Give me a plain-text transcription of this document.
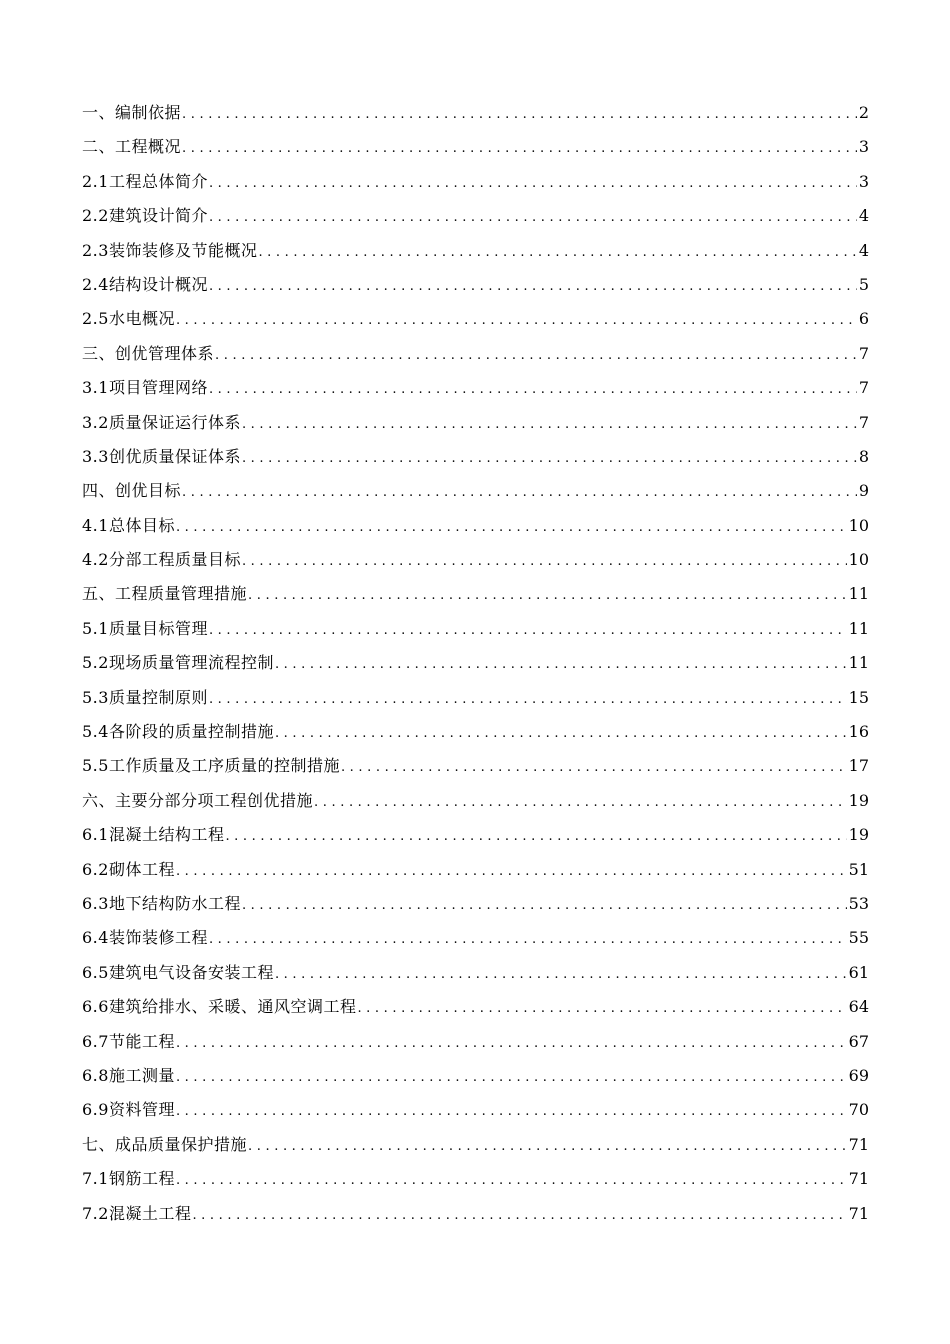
一、编制依据 .....	2
二、工程概况 .....	3
2.1工程总体简介 .....	3
2.2建筑设计简介 .....	4
2.3装饰装修及节能概况 .....	4
2.4结构设计概况 .....	5
2.5水电概况 .....	6
三、创优管理体系 .....	7
3.1项目管理网络 .....	7
3.2质量保证运行体系 .....	7
3.3创优质量保证体系 .....	8
四、创优目标 .....	9
4.1总体目标 .....	10
4.2分部工程质量目标 .....	10
五、工程质量管理措施 .....	11
5.1质量目标管理 .....	11
5.2现场质量管理流程控制 .....	11
5.3质量控制原则 .....	15
5.4各阶段的质量控制措施 .....	16
5.5工作质量及工序质量的控制措施 .....	17
六、主要分部分项工程创优措施 .....	19
6.1混凝土结构工程 .....	19
6.2砌体工程 .....	51
6.3地下结构防水工程 .....	53
6.4装饰装修工程 .....	55
6.5建筑电气设备安装工程 .....	61
6.6建筑给排水、采暖、通风空调工程 .....	64
6.7节能工程 .....	67
6.8施工测量 .....	69
6.9资料管理 .....	70
七、成品质量保护措施 .....	71
7.1钢筋工程 .....	71
7.2混凝土工程 .....	71
